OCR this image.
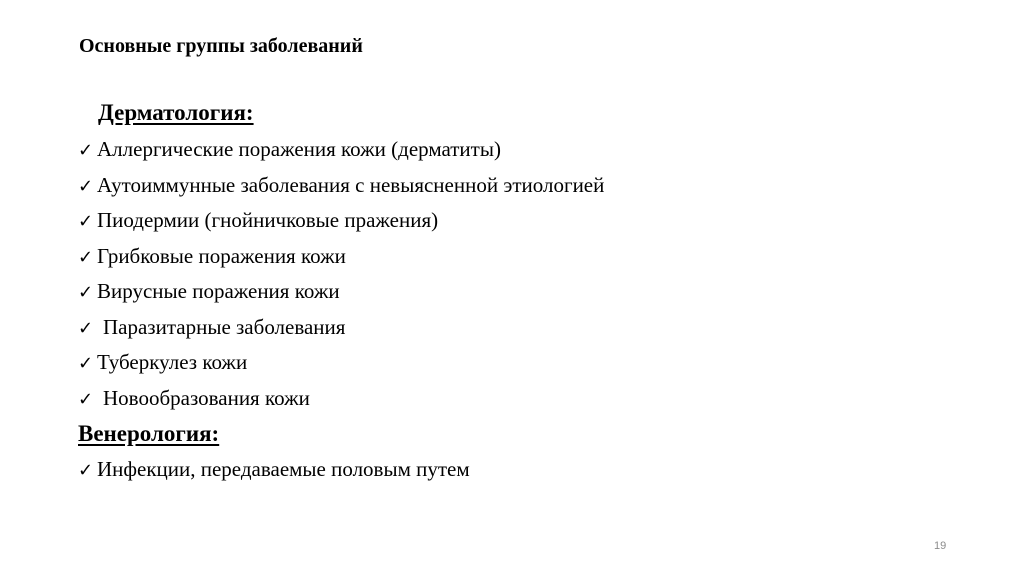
Основные группы заболеваний
Дерматология:
✓ Аллергические поражения кожи (дерматиты)
✓ Аутоиммунные заболевания с невыясненной этиологией
✓ Пиодермии (гнойничковые пражения)
✓ Грибковые поражения кожи
✓ Вирусные поражения кожи
✓ Паразитарные заболевания
✓ Туберкулез кожи
✓ Новообразования кожи
Венерология:
✓ Инфекции, передаваемые половым путем
19
